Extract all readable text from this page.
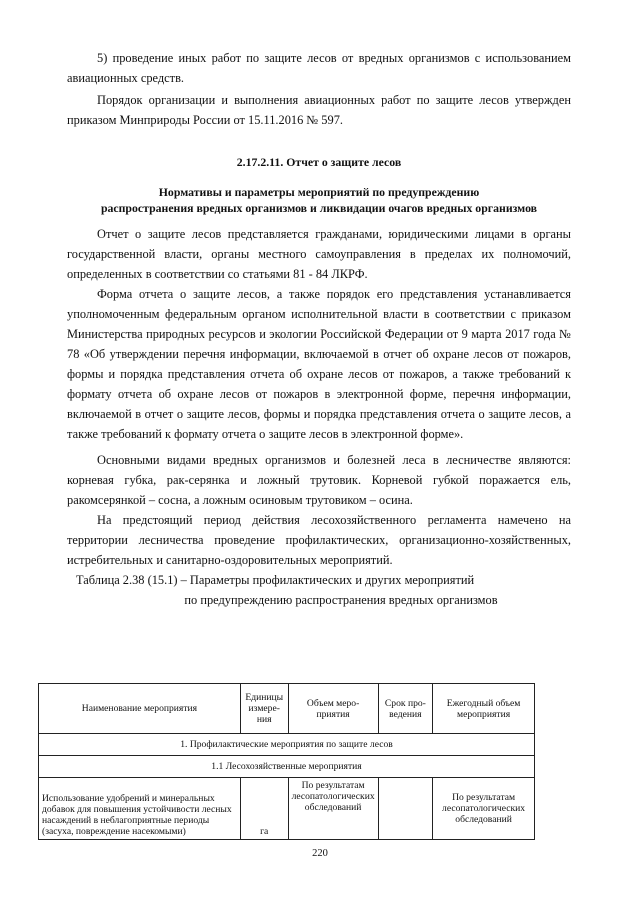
5) проведение иных работ по защите лесов от вредных организмов с использованием авиационных средств.

Порядок организации и выполнения авиационных работ по защите лесов утвержден приказом Минприроды России от 15.11.2016 № 597.

2.17.2.11. Отчет о защите лесов
Нормативы и параметры мероприятий по предупреждению
распространения вредных организмов и ликвидации очагов вредных организмов

Отчет о защите лесов представляется гражданами, юридическими лицами в органы государственной власти, органы местного самоуправления в пределах их полномочий, определенных в соответствии со статьями 81 - 84 ЛКРФ.

Форма отчета о защите лесов, а также порядок его представления устанавливается уполномоченным федеральным органом исполнительной власти в соответствии с приказом Министерства природных ресурсов и экологии Российской Федерации от 9 марта 2017 года № 78 «Об утверждении перечня информации, включаемой в отчет об охране лесов от пожаров, формы и порядка представления отчета об охране лесов от пожаров, а также требований к формату отчета об охране лесов от пожаров в электронной форме, перечня информации, включаемой в отчет о защите лесов, формы и порядка представления отчета о защите лесов, а также требований к формату отчета о защите лесов в электронной форме».

Основными видами вредных организмов и болезней леса в лесничестве являются: корневая губка, рак-серянка и ложный трутовик. Корневой губкой поражается ель, ракомсерянкой – сосна, а ложным осиновым трутовиком – осина.

На предстоящий период действия лесохозяйственного регламента намечено на территории лесничества проведение профилактических, организационно-хозяйственных, истребительных и санитарно-оздоровительных мероприятий.

Таблица 2.38 (15.1) – Параметры профилактических и других мероприятий
по предупреждению распространения вредных организмов
Наименование мероприятия	Единицы измере-ния	Объем меро-приятия	Срок про-ведения	Ежегодный объем мероприятия
1. Профилактические мероприятия по защите лесов				
1.1 Лесохозяйственные мероприятия				
Использование удобрений и минеральных добавок для повышения устойчивости лесных насаждений в неблагоприятные периоды (засуха, повреждение насекомыми)	га	По результатам лесопатологических обследований		По результатам лесопатологических обследований
220
